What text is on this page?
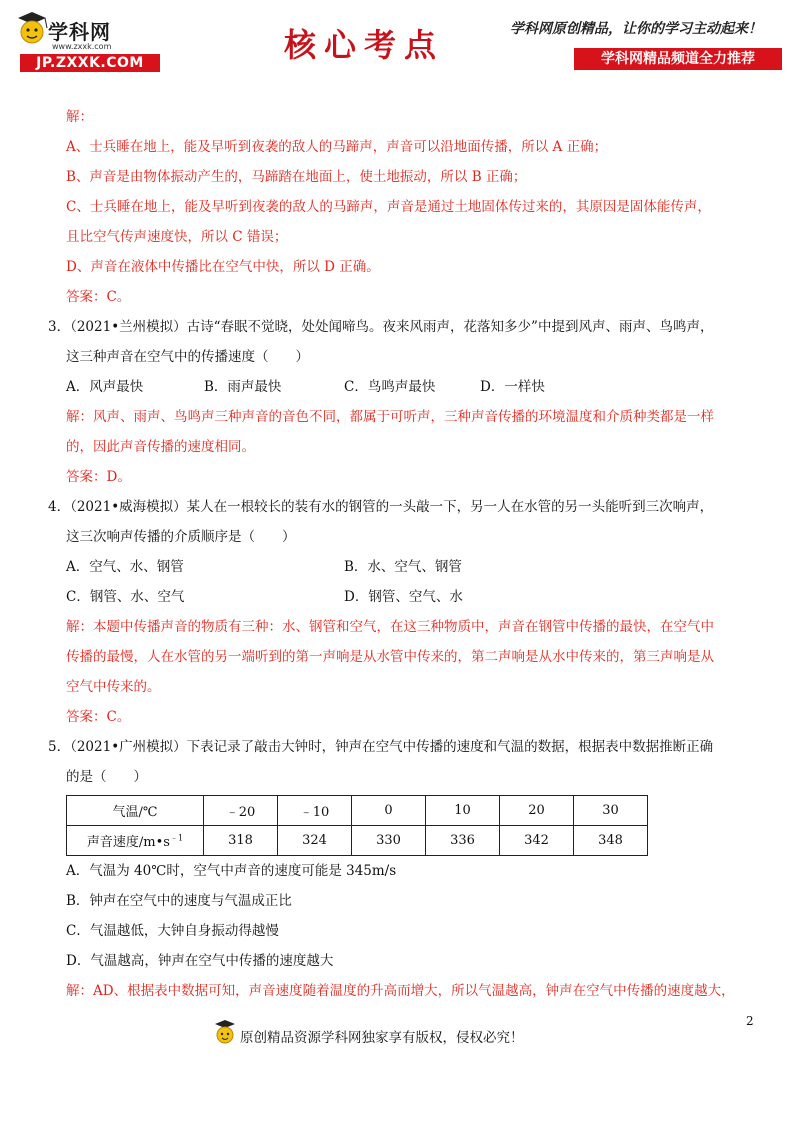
学科网
www.zxxk.com
JP.ZXXK.COM	核心考点	学科网原创精品，让你的学习主动起来！
学科网精品频道全力推荐
解：
A、士兵睡在地上，能及早听到夜袭的敌人的马蹄声，声音可以沿地面传播，所以 A 正确；
B、声音是由物体振动产生的，马蹄踏在地面上，使土地振动，所以 B 正确；
C、士兵睡在地上，能及早听到夜袭的敌人的马蹄声，声音是通过土地固体传过来的，其原因是固体能传声，
且比空气传声速度快，所以 C 错误；
D、声音在液体中传播比在空气中快，所以 D 正确。
答案：C。
3．（2021•兰州模拟）古诗“春眠不觉晓，处处闻啼鸟。夜来风雨声，花落知多少”中提到风声、雨声、鸟鸣声，
这三种声音在空气中的传播速度（　　）
A．风声最快	B．雨声最快	C．鸟鸣声最快	D．一样快
解：风声、雨声、鸟鸣声三种声音的音色不同，都属于可听声，三种声音传播的环境温度和介质种类都是一样
的，因此声音传播的速度相同。
答案：D。
4．（2021•威海模拟）某人在一根较长的装有水的钢管的一头敲一下，另一人在水管的另一头能听到三次响声，
这三次响声传播的介质顺序是（　　）
A．空气、水、钢管	B．水、空气、钢管
C．钢管、水、空气	D．钢管、空气、水
解：本题中传播声音的物质有三种：水、钢管和空气，在这三种物质中，声音在钢管中传播的最快，在空气中
传播的最慢，人在水管的另一端听到的第一声响是从水管中传来的，第二声响是从水中传来的，第三声响是从
空气中传来的。
答案：C。
5．（2021•广州模拟）下表记录了敲击大钟时，钟声在空气中传播的速度和气温的数据，根据表中数据推断正确
的是（　　）
气温/℃	﹣20	﹣10	0	10	20	30
声音速度$/m•s^{﹣1}$	318	324	330	336	342	348
A．气温为 40℃时，空气中声音的速度可能是 345m/s
B．钟声在空气中的速度与气温成正比
C．气温越低，大钟自身振动得越慢
D．气温越高，钟声在空气中传播的速度越大
解：AD、根据表中数据可知，声音速度随着温度的升高而增大，所以气温越高，钟声在空气中传播的速度越大，
2
原创精品资源学科网独家享有版权，侵权必究！
